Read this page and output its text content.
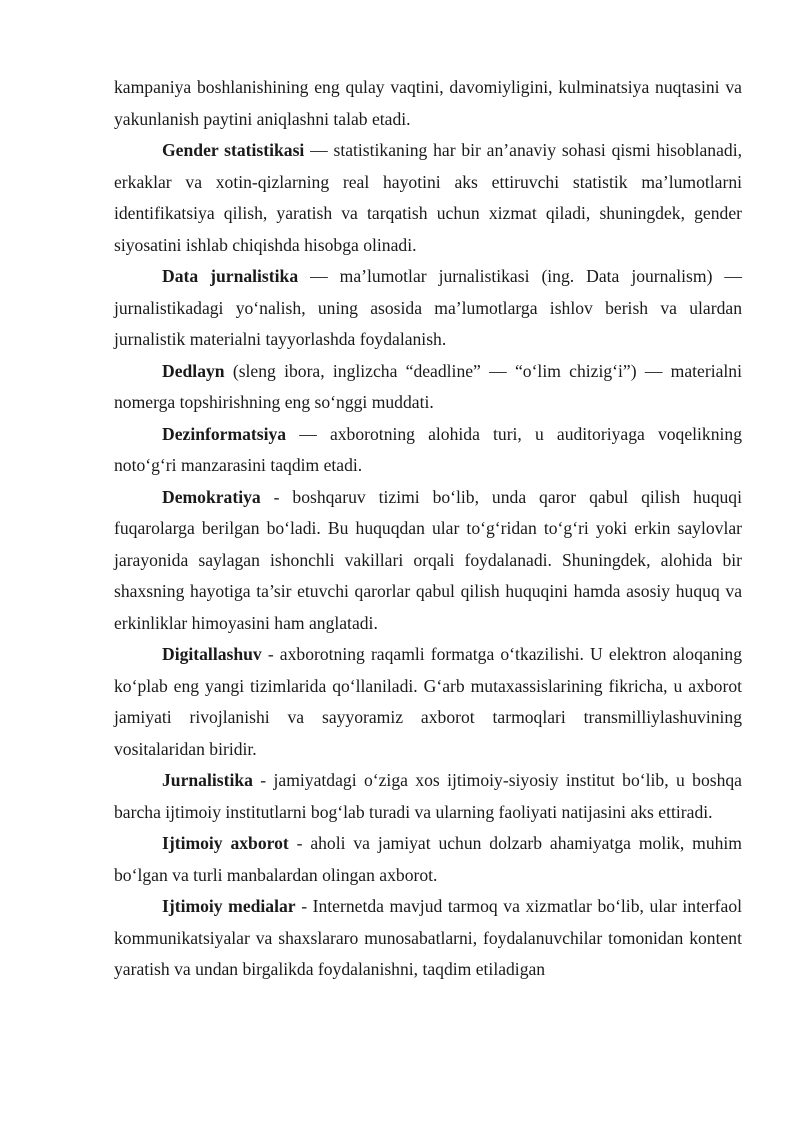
kampaniya boshlanishining eng qulay vaqtini, davomiyligini, kulminatsiya nuqtasini va yakunlanish paytini aniqlashni talab etadi.

Gender statistikasi — statistikaning har bir an’anaviy sohasi qismi hisoblanadi, erkaklar va xotin-qizlarning real hayotini aks ettiruvchi statistik ma’lumotlarni identifikatsiya qilish, yaratish va tarqatish uchun xizmat qiladi, shuningdek, gender siyosatini ishlab chiqishda hisobga olinadi.

Data jurnalistika — ma’lumotlar jurnalistikasi (ing. Data journalism) — jurnalistikadagi yo‘nalish, uning asosida ma’lumotlarga ishlov berish va ulardan jurnalistik materialni tayyorlashda foydalanish.

Dedlayn (sleng ibora, inglizcha “deadline” — “o‘lim chizig‘i”) — materialni nomerga topshirishning eng so‘nggi muddati.

Dezinformatsiya — axborotning alohida turi, u auditoriyaga voqelikning noto‘g‘ri manzarasini taqdim etadi.

Demokratiya - boshqaruv tizimi bo‘lib, unda qaror qabul qilish huquqi fuqarolarga berilgan bo‘ladi. Bu huquqdan ular to‘g‘ridan to‘g‘ri yoki erkin saylovlar jarayonida saylagan ishonchli vakillari orqali foydalanadi. Shuningdek, alohida bir shaxsning hayotiga ta’sir etuvchi qarorlar qabul qilish huquqini hamda asosiy huquq va erkinliklar himoyasini ham anglatadi.

Digitallashuv - axborotning raqamli formatga o‘tkazilishi. U elektron aloqaning ko‘plab eng yangi tizimlarida qo‘llaniladi. G‘arb mutaxassislarining fikricha, u axborot jamiyati rivojlanishi va sayyoramiz axborot tarmoqlari transmilliylashuvining vositalaridan biridir.

Jurnalistika - jamiyatdagi o‘ziga xos ijtimoiy-siyosiy institut bo‘lib, u boshqa barcha ijtimoiy institutlarni bog‘lab turadi va ularning faoliyati natijasini aks ettiradi.

Ijtimoiy axborot - aholi va jamiyat uchun dolzarb ahamiyatga molik, muhim bo‘lgan va turli manbalardan olingan axborot.

Ijtimoiy medialar - Internetda mavjud tarmoq va xizmatlar bo‘lib, ular interfaol kommunikatsiyalar va shaxslararo munosabatlarni, foydalanuvchilar tomonidan kontent yaratish va undan birgalikda foydalanishni, taqdim etiladigan
